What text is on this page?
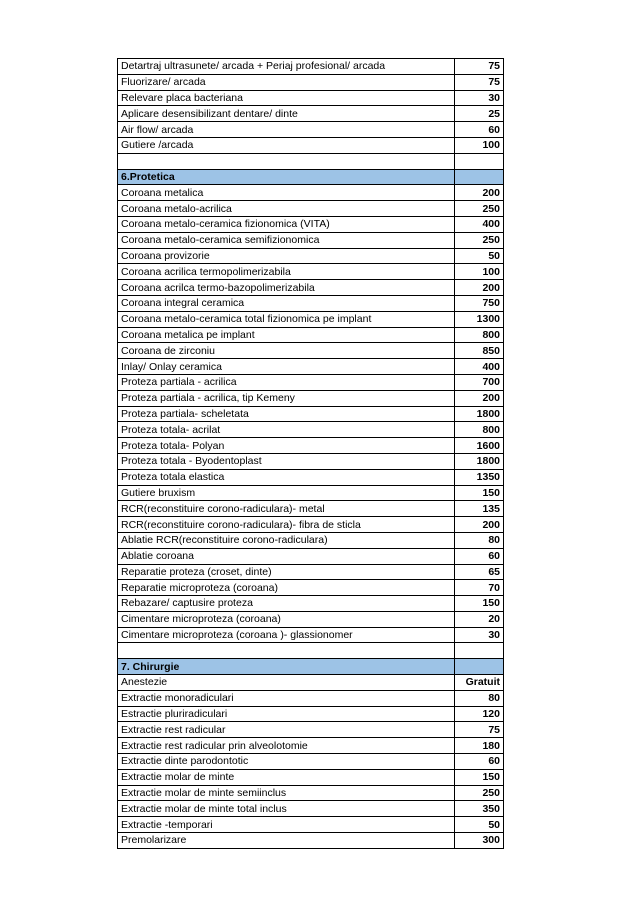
Detartraj ultrasunete/ arcada + Periaj profesional/ arcada	75
Fluorizare/ arcada	75
Relevare placa bacteriana	30
Aplicare desensibilizant dentare/ dinte	25
Air flow/ arcada	60
Gutiere /arcada	100

6.Protetica	
Coroana metalica	200
Coroana metalo-acrilica	250
Coroana metalo-ceramica fizionomica (VITA)	400
Coroana metalo-ceramica semifizionomica	250
Coroana provizorie	50
Coroana acrilica termopolimerizabila	100
Coroana acrilca termo-bazopolimerizabila	200
Coroana integral ceramica	750
Coroana metalo-ceramica total fizionomica pe implant	1300
Coroana metalica pe implant	800
Coroana de zirconiu	850
Inlay/ Onlay ceramica	400
Proteza partiala - acrilica	700
Proteza partiala - acrilica, tip Kemeny	200
Proteza partiala- scheletata	1800
Proteza totala- acrilat	800
Proteza totala- Polyan	1600
Proteza totala - Byodentoplast	1800
Proteza totala elastica	1350
Gutiere bruxism	150
RCR(reconstituire corono-radiculara)- metal	135
RCR(reconstituire corono-radiculara)- fibra de sticla	200
Ablatie RCR(reconstituire corono-radiculara)	80
Ablatie coroana	60
Reparatie proteza (croset, dinte)	65
Reparatie microproteza (coroana)	70
Rebazare/ captusire proteza	150
Cimentare microproteza (coroana)	20
Cimentare microproteza (coroana )- glassionomer	30

7. Chirurgie	
Anestezie	Gratuit
Extractie monoradiculari	80
Estractie pluriradiculari	120
Extractie rest radicular	75
Extractie rest radicular prin alveolotomie	180
Extractie dinte parodontotic	60
Extractie molar de minte	150
Extractie molar de minte semiinclus	250
Extractie molar de minte total inclus	350
Extractie -temporari	50
Premolarizare	300
